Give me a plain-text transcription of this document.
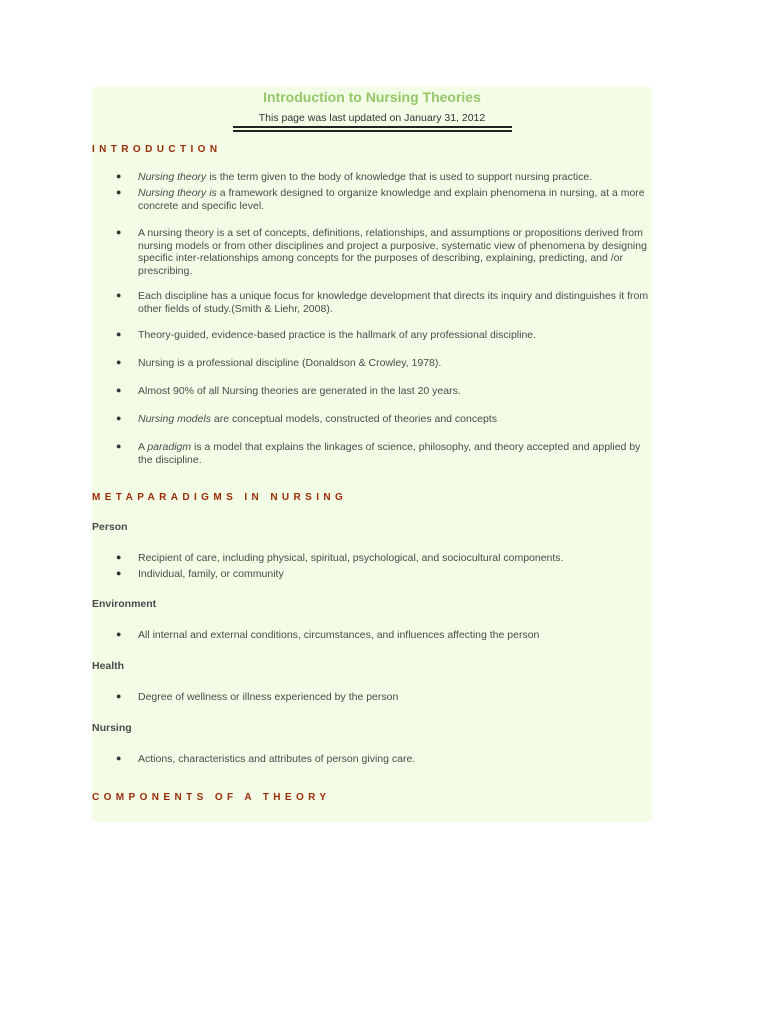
Introduction to Nursing Theories
This page was last updated on January 31, 2012
INTRODUCTION
● Nursing theory is the term given to the body of knowledge that is used to support nursing practice.
● Nursing theory is a framework designed to organize knowledge and explain phenomena in nursing, at a more concrete and specific level.
● A nursing theory is a set of concepts, definitions, relationships, and assumptions or propositions derived from nursing models or from other disciplines and project a purposive, systematic view of phenomena by designing specific inter-relationships among concepts for the purposes of describing, explaining, predicting, and /or prescribing.
● Each discipline has a unique focus for knowledge development that directs its inquiry and distinguishes it from other fields of study.(Smith & Liehr, 2008).
● Theory-guided, evidence-based practice is the hallmark of any professional discipline.
● Nursing is a professional discipline (Donaldson & Crowley, 1978).
● Almost 90% of all Nursing theories are generated in the last 20 years.
● Nursing models are conceptual models, constructed of theories and concepts
● A paradigm is a model that explains the linkages of science, philosophy, and theory accepted and applied by the discipline.
METAPARADIGMS IN NURSING
Person
● Recipient of care, including physical, spiritual, psychological, and sociocultural components.
● Individual, family, or community
Environment
● All internal and external conditions, circumstances, and influences affecting the person
Health
● Degree of wellness or illness experienced by the person
Nursing
● Actions, characteristics and attributes of person giving care.
COMPONENTS OF A THEORY
